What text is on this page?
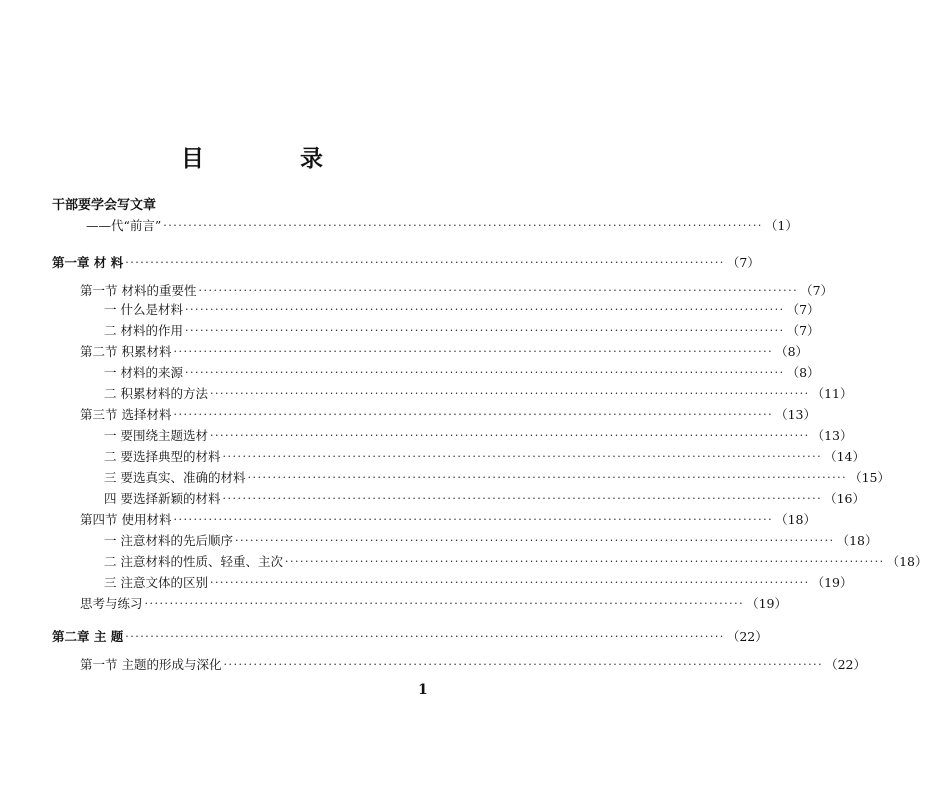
目 录
干部要学会写文章
——代“前言” ························································································································ （1）
第一章 材 料 ························································································································ （7）
第一节 材料的重要性 ························································································································ （7）
一 什么是材料 ························································································································ （7）
二 材料的作用 ························································································································ （7）
第二节 积累材料 ························································································································ （8）
一 材料的来源 ························································································································ （8）
二 积累材料的方法 ························································································································ （11）
第三节 选择材料 ························································································································ （13）
一 要围绕主题选材 ························································································································ （13）
二 要选择典型的材料 ························································································································ （14）
三 要选真实、准确的材料 ························································································································ （15）
四 要选择新颖的材料 ························································································································ （16）
第四节 使用材料 ························································································································ （18）
一 注意材料的先后顺序 ························································································································ （18）
二 注意材料的性质、轻重、主次 ························································································································ （18）
三 注意文体的区别 ························································································································ （19）
思考与练习 ························································································································ （19）
第二章 主 题 ························································································································ （22）
第一节 主题的形成与深化 ························································································································ （22）
1
